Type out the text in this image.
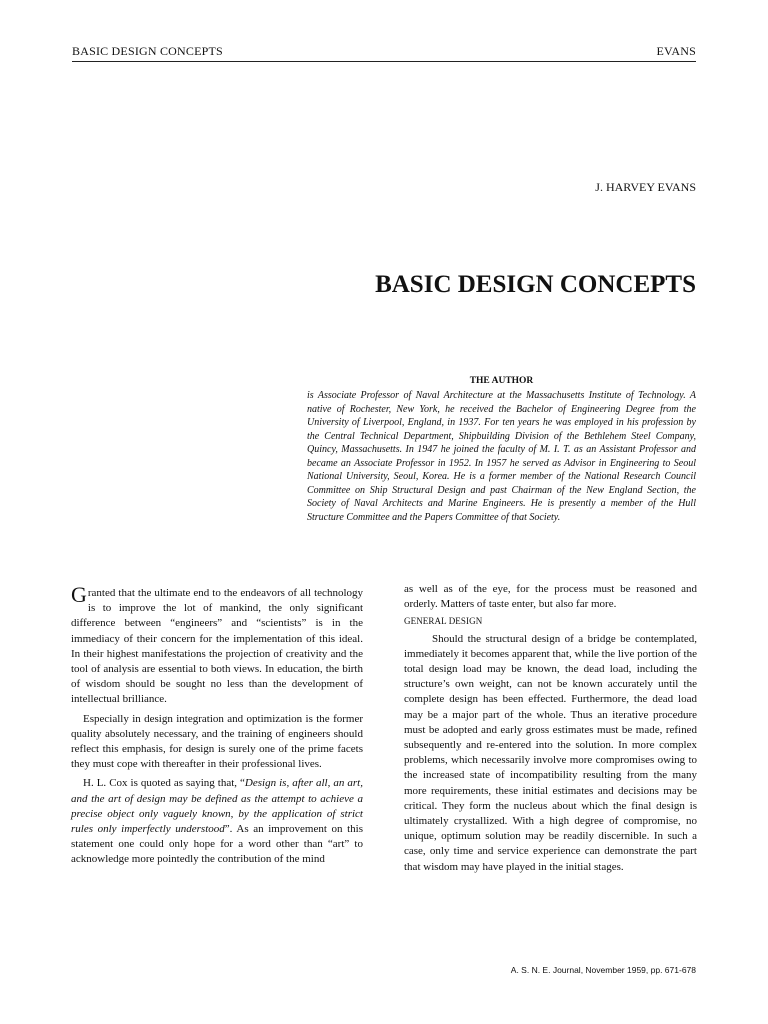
BASIC DESIGN CONCEPTS	EVANS
J. HARVEY EVANS
BASIC DESIGN CONCEPTS

THE AUTHOR

is Associate Professor of Naval Architecture at the Massachusetts Institute of Technology. A native of Rochester, New York, he received the Bachelor of Engineering Degree from the University of Liverpool, England, in 1937. For ten years he was employed in his profession by the Central Technical Department, Shipbuilding Division of the Bethlehem Steel Company, Quincy, Massachusetts. In 1947 he joined the faculty of M. I. T. as an Assistant Professor and became an Associate Professor in 1952. In 1957 he served as Advisor in Engineering to Seoul National University, Seoul, Korea. He is a former member of the National Research Council Committee on Ship Structural Design and past Chairman of the New England Section, the Society of Naval Architects and Marine Engineers. He is presently a member of the Hull Structure Committee and the Papers Committee of that Society.

Granted that the ultimate end to the endeavors of all technology is to improve the lot of mankind, the only significant difference between “engineers” and “scientists” is in the immediacy of their concern for the implementation of this ideal. In their highest manifestations the projection of creativity and the tool of analysis are essential to both views. In education, the birth of wisdom should be sought no less than the development of intellectual brilliance.

Especially in design integration and optimization is the former quality absolutely necessary, and the training of engineers should reflect this emphasis, for design is surely one of the prime facets they must cope with thereafter in their professional lives.

H. L. Cox is quoted as saying that, “Design is, after all, an art, and the art of design may be defined as the attempt to achieve a precise object only vaguely known, by the application of strict rules only imperfectly understood”. As an improvement on this statement one could only hope for a word other than “art” to acknowledge more pointedly the contribution of the mind

as well as of the eye, for the process must be reasoned and orderly. Matters of taste enter, but also far more.

GENERAL DESIGN

Should the structural design of a bridge be contemplated, immediately it becomes apparent that, while the live portion of the total design load may be known, the dead load, including the structure’s own weight, can not be known accurately until the complete design has been effected. Furthermore, the dead load may be a major part of the whole. Thus an iterative procedure must be adopted and early gross estimates must be made, refined subsequently and re-entered into the solution. In more complex problems, which necessarily involve more compromises owing to the increased state of incompatibility resulting from the many more requirements, these initial estimates and decisions may be critical. They form the nucleus about which the final design is ultimately crystallized. With a high degree of compromise, no unique, optimum solution may be readily discernible. In such a case, only time and service experience can demonstrate the part that wisdom may have played in the initial stages.

A. S. N. E. Journal, November 1959, pp. 671-678
